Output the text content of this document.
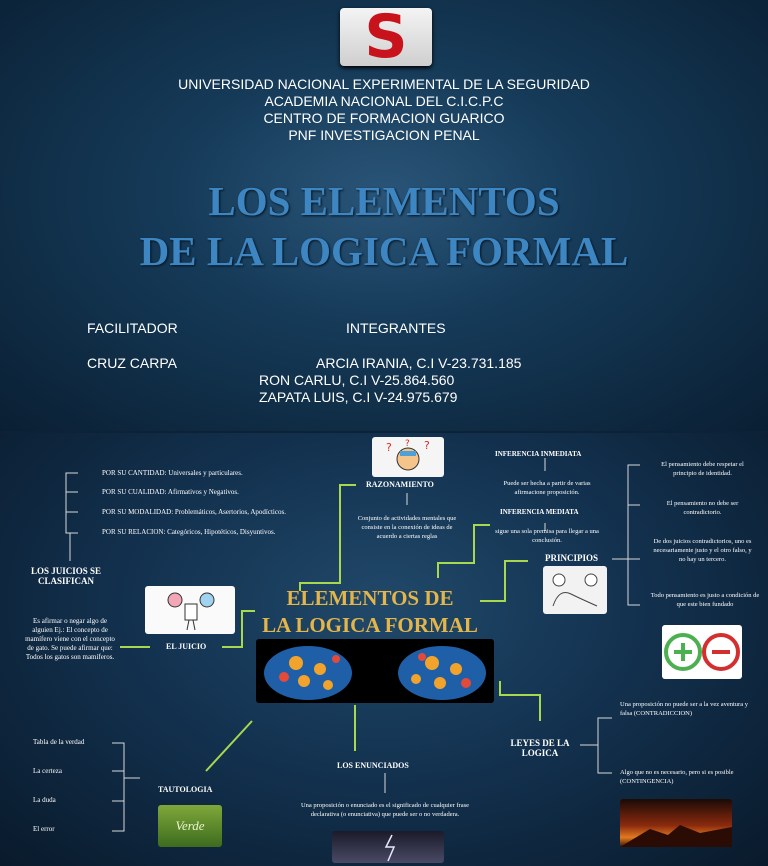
S
UNIVERSIDAD NACIONAL EXPERIMENTAL DE LA SEGURIDAD
ACADEMIA NACIONAL DEL C.I.C.P.C
CENTRO DE FORMACION GUARICO
PNF INVESTIGACION PENAL
LOS ELEMENTOS
DE LA LOGICA FORMAL
FACILITADOR	INTEGRANTES
CRUZ CARPA	ARCIA IRANIA, C.I V-23.731.185
RON CARLU, C.I V-25.864.560
ZAPATA LUIS, C.I V-24.975.679
POR SU CANTIDAD: Universales y particulares.
POR SU CUALIDAD: Afirmativos y Negativos.
POR SU MODALIDAD: Problemáticos, Asertorios, Apodícticos.
POR SU RELACION: Categóricos, Hipotéticos, Disyuntivos.
LOS JUICIOS SE CLASIFICAN
Es afirmar o negar algo de alguien Ej.: El concepto de mamífero viene con el concepto de gato. Se puede afirmar que: Todos los gatos son mamíferos.
EL JUICIO
?	?
?
RAZONAMIENTO
Conjunto de actividades mentales que consiste en la conexión de ideas de acuerdo a ciertas reglas
INFERENCIA INMEDIATA
Puede ser hecha a partir de varias afirmacione proposición.
INFERENCIA MEDIATA
sigue una sola premisa para llegar a una conclusión.
PRINCIPIOS
El pensamiento debe respetar el principio de identidad.
El pensamiento no debe ser contradictorio.
De dos juicios contradictorios, uno es necesariamente justo y el otro falso, y no hay un tercero.
Todo pensamiento es justo a condición de que este bien fundado
ELEMENTOS DE
LA LOGICA FORMAL
LEYES DE LA LOGICA
Una proposición no puede ser a la vez aventura y falsa (CONTRADICCION)
Algo que no es necesario, pero si es posible (CONTINGENCIA)
LOS ENUNCIADOS
Una proposición o enunciado es el significado de cualquier frase declarativa (o enunciativa) que puede ser o no verdadera.
Tabla de la verdad
La certeza
La duda
El error
TAUTOLOGIA
Verde
